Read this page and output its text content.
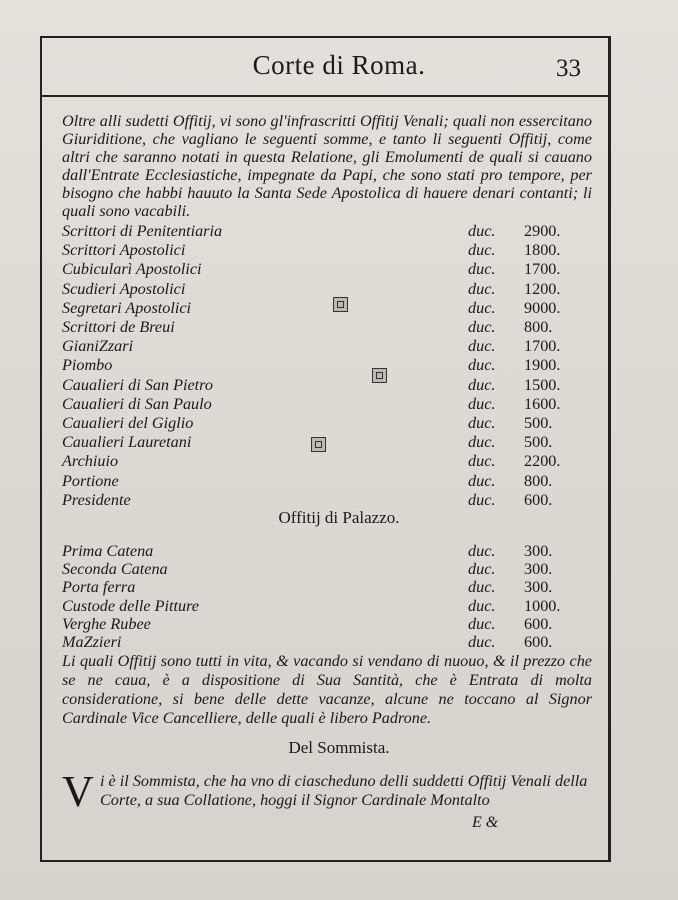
Corte di Roma.	33
Oltre alli sudetti Offitij, vi sono gl'infrascritti Offitij Venali; quali non essercitano Giuriditione, che vagliano le seguenti somme, e tanto li seguenti Offitij, come altri che saranno notati in questa Relatione, gli Emolumenti de quali si cauano dall'Entrate Ecclesiastiche, impegnate da Papi, che sono stati pro tempore, per bisogno che habbi hauuto la Santa Sede Apostolica di hauere denari contanti; li quali sono vacabili.
Scrittori di Penitentiaria	duc. 2900.
Scrittori Apostolici	duc. 1800.
Cubicularì Apostolici	duc. 1700.
Scudieri Apostolici	duc. 1200.
Segretari Apostolici	duc. 9000.
Scrittori de Breui	duc. 800.
GianiZzari	duc. 1700.
Piombo	duc. 1900.
Caualieri di San Pietro	duc. 1500.
Caualieri di San Paulo	duc. 1600.
Caualieri del Giglio	duc. 500.
Caualieri Lauretani	duc. 500.
Archiuio	duc. 2200.
Portione	duc. 800.
Presidente	duc. 600.
Offitij di Palazzo.
Prima Catena	duc. 300.
Seconda Catena	duc. 300.
Porta ferra	duc. 300.
Custode delle Pitture	duc. 1000.
Verghe Rubee	duc. 600.
MaZzieri	duc. 600.
Li quali Offitij sono tutti in vita, & vacando si vendano di nuouo, & il prezzo che se ne caua, è a dispositione di Sua Santità, che è Entrata di molta consideratione, si bene delle dette vacanze, alcune ne toccano al Signor Cardinale Vice Cancelliere, delle quali è libero Padrone.
Del Sommista.
V i è il Sommista, che ha vno di ciascheduno delli suddetti Offitij Venali della Corte, a sua Collatione, hoggi il Signor Cardinale Montalto
E &
